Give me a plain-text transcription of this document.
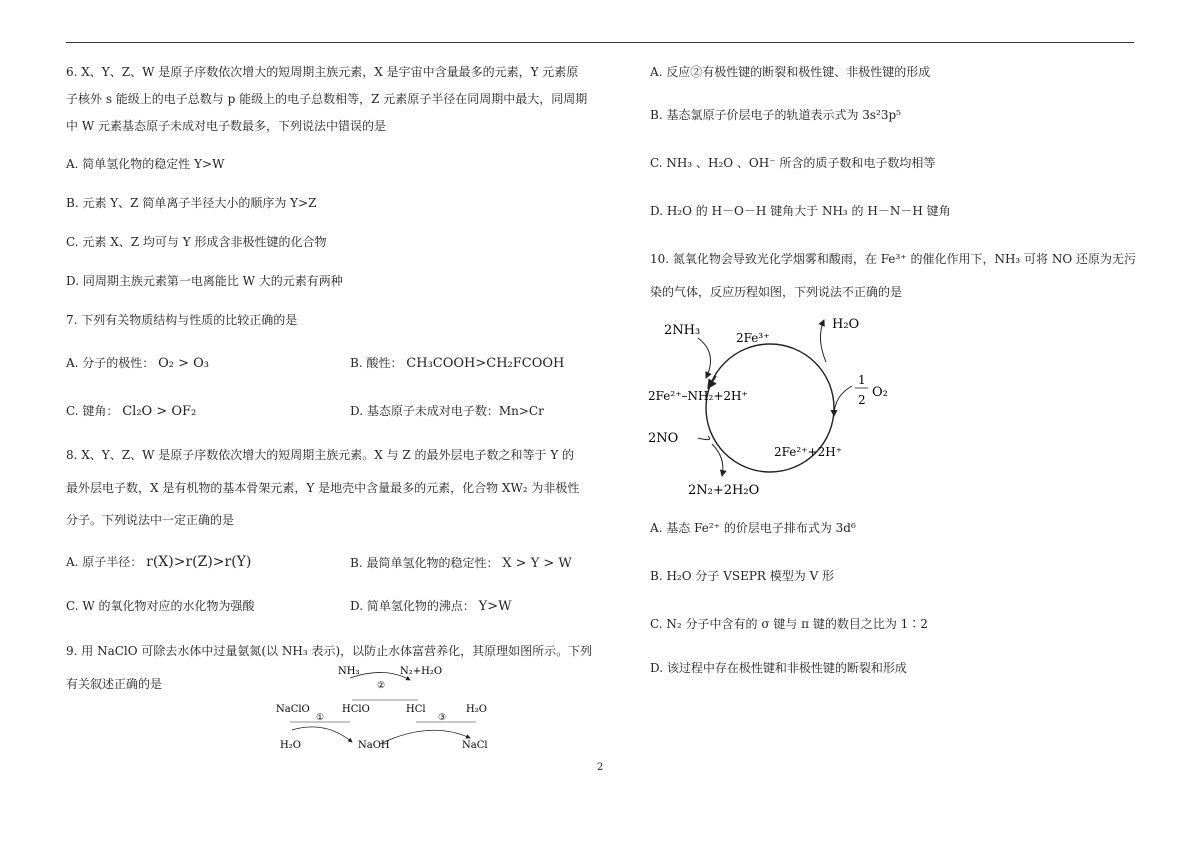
6. X、Y、Z、W 是原子序数依次增大的短周期主族元素，X 是宇宙中含量最多的元素，Y 元素原
子核外 s 能级上的电子总数与 p 能级上的电子总数相等，Z 元素原子半径在同周期中最大，同周期
中 W 元素基态原子未成对电子数最多，下列说法中错误的是
A. 简单氢化物的稳定性 Y>W
B. 元素 Y、Z 简单离子半径大小的顺序为 Y>Z
C. 元素 X、Z 均可与 Y 形成含非极性键的化合物
D. 同周期主族元素第一电离能比 W 大的元素有两种
7. 下列有关物质结构与性质的比较正确的是
A. 分子的极性： O₂ > O₃	B. 酸性： CH₃COOH>CH₂FCOOH
C. 键角： Cl₂O > OF₂	D. 基态原子未成对电子数：Mn>Cr
8. X、Y、Z、W 是原子序数依次增大的短周期主族元素。X 与 Z 的最外层电子数之和等于 Y 的
最外层电子数，X 是有机物的基本骨架元素，Y 是地壳中含量最多的元素，化合物 XW₂ 为非极性
分子。下列说法中一定正确的是
A. 原子半径： r(X)>r(Z)>r(Y)	B. 最简单氢化物的稳定性： X > Y > W
C. W 的氧化物对应的水化物为强酸	D. 简单氢化物的沸点： Y>W
9. 用 NaClO 可除去水体中过量氨氮(以 NH₃ 表示)，以防止水体富营养化，其原理如图所示。下列
有关叙述正确的是
NH₃	N₂+H₂O
②
NaClO	HClO	HCl	H₂O
①	③
H₂O	NaOH	NaCl
A. 反应②有极性键的断裂和极性键、非极性键的形成
B. 基态氯原子价层电子的轨道表示式为 3s²3p⁵
C. NH₃ 、H₂O 、OH⁻ 所含的质子数和电子数均相等
D. H₂O 的 H－O－H 键角大于 NH₃ 的 H－N－H 键角
10. 氮氧化物会导致光化学烟雾和酸雨，在 Fe³⁺ 的催化作用下，NH₃ 可将 NO 还原为无污
染的气体，反应历程如图，下列说法不正确的是
2NH₃	2Fe³⁺
H₂O
1
2 O₂
2Fe²⁺–NH₂+2H⁺
2NO
2Fe²⁺+2H⁺
2N₂+2H₂O
A. 基态 Fe²⁺ 的价层电子排布式为 3d⁶
B. H₂O 分子 VSEPR 模型为 V 形
C. N₂ 分子中含有的 σ 键与 π 键的数目之比为 1∶2
D. 该过程中存在极性键和非极性键的断裂和形成
2
